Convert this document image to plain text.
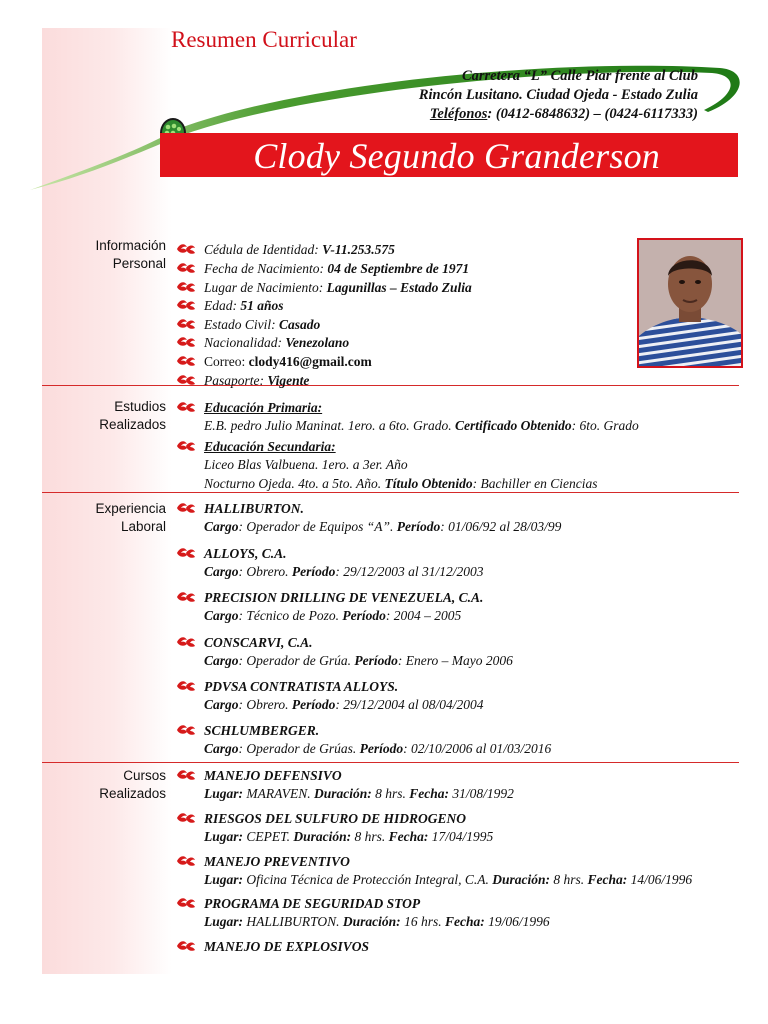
Resumen Curricular
Carretera “L” Calle Piar frente al Club
Rincón Lusitano. Ciudad Ojeda - Estado Zulia
Teléfonos: (0412-6848632) – (0424-6117333)
Clody Segundo Granderson
Información
Personal
Estudios
Realizados
Experiencia
Laboral
Cursos
Realizados
Cédula de Identidad: V-11.253.575
Fecha de Nacimiento: 04 de Septiembre de 1971
Lugar de Nacimiento: Lagunillas – Estado Zulia
Edad: 51 años
Estado Civil: Casado
Nacionalidad: Venezolano
Correo: clody416@gmail.com
Pasaporte: Vigente
Educación Primaria:
E.B. pedro Julio Maninat. 1ero. a 6to. Grado. Certificado Obtenido: 6to. Grado
Educación Secundaria:
Liceo Blas Valbuena. 1ero. a 3er. Año
Nocturno Ojeda. 4to. a 5to. Año. Título Obtenido: Bachiller en Ciencias
HALLIBURTON.
Cargo: Operador de Equipos “A”. Período: 01/06/92 al 28/03/99
ALLOYS, C.A.
Cargo: Obrero. Período: 29/12/2003 al 31/12/2003
PRECISION DRILLING DE VENEZUELA, C.A.
Cargo: Técnico de Pozo. Período: 2004 – 2005
CONSCARVI, C.A.
Cargo: Operador de Grúa. Período: Enero – Mayo 2006
PDVSA CONTRATISTA ALLOYS.
Cargo: Obrero. Período: 29/12/2004 al 08/04/2004
SCHLUMBERGER.
Cargo: Operador de Grúas. Período: 02/10/2006 al 01/03/2016
MANEJO DEFENSIVO
Lugar: MARAVEN. Duración: 8 hrs. Fecha: 31/08/1992
RIESGOS DEL SULFURO DE HIDROGENO
Lugar: CEPET. Duración: 8 hrs. Fecha: 17/04/1995
MANEJO PREVENTIVO
Lugar: Oficina Técnica de Protección Integral, C.A. Duración: 8 hrs. Fecha: 14/06/1996
PROGRAMA DE SEGURIDAD STOP
Lugar: HALLIBURTON. Duración: 16 hrs. Fecha: 19/06/1996
MANEJO DE EXPLOSIVOS
